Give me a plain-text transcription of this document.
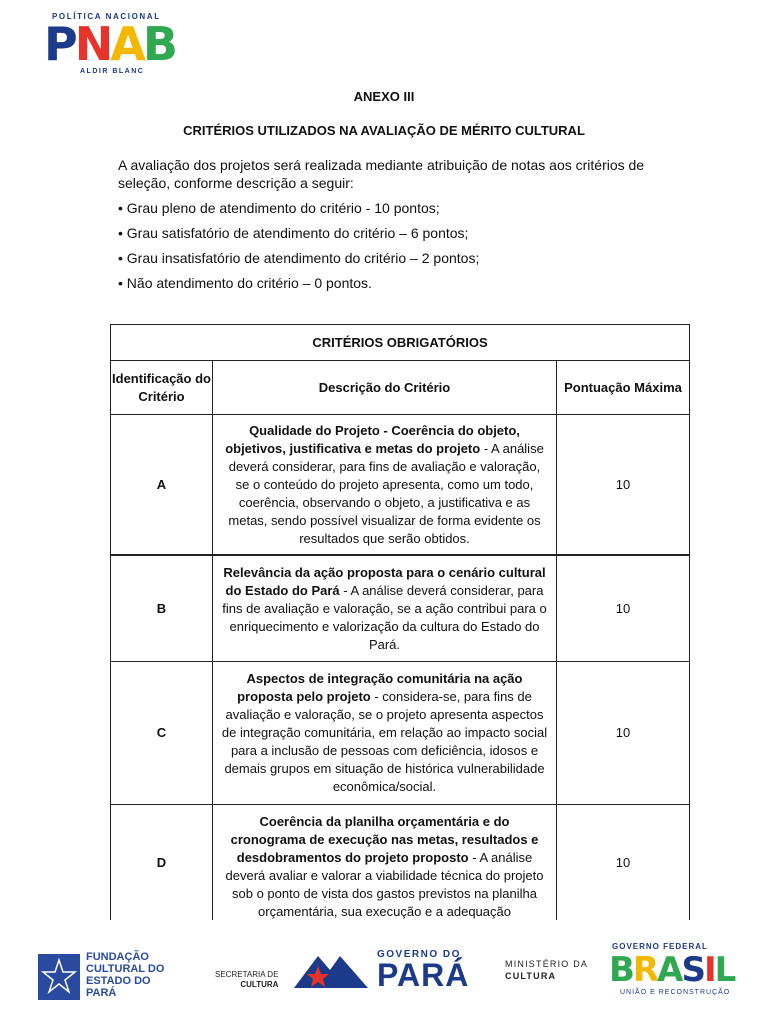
POLÍTICA NACIONAL
P N A B
ALDIR BLANC
ANEXO III
CRITÉRIOS UTILIZADOS NA AVALIAÇÃO DE MÉRITO CULTURAL
A avaliação dos projetos será realizada mediante atribuição de notas aos critérios de seleção, conforme descrição a seguir:
• Grau pleno de atendimento do critério - 10 pontos;
• Grau satisfatório de atendimento do critério – 6 pontos;
• Grau insatisfatório de atendimento do critério – 2 pontos;
• Não atendimento do critério – 0 pontos.
CRITÉRIOS OBRIGATÓRIOS
Identificação do Critério
Descrição do Critério	Pontuação Máxima
A
Qualidade do Projeto - Coerência do objeto, objetivos, justificativa e metas do projeto - A análise deverá considerar, para fins de avaliação e valoração, se o conteúdo do projeto apresenta, como um todo, coerência, observando o objeto, a justificativa e as metas, sendo possível visualizar de forma evidente os resultados que serão obtidos.
10
B
Relevância da ação proposta para o cenário cultural do Estado do Pará - A análise deverá considerar, para fins de avaliação e valoração, se a ação contribui para o enriquecimento e valorização da cultura do Estado do Pará.
10
C
Aspectos de integração comunitária na ação proposta pelo projeto - considera-se, para fins de avaliação e valoração, se o projeto apresenta aspectos de integração comunitária, em relação ao impacto social para a inclusão de pessoas com deficiência, idosos e demais grupos em situação de histórica vulnerabilidade econômica/social.
10
D
Coerência da planilha orçamentária e do cronograma de execução nas metas, resultados e desdobramentos do projeto proposto - A análise deverá avaliar e valorar a viabilidade técnica do projeto sob o ponto de vista dos gastos previstos na planilha orçamentária, sua execução e a adequação
10
FUNDAÇÃO
CULTURAL DO
ESTADO DO
PARÁ
SECRETARIA DE
CULTURA
GOVERNO DO
PARÁ	MINISTÉRIO DA
CULTURA
GOVERNO FEDERAL
B R A S I L
UNIÃO E RECONSTRUÇÃO
